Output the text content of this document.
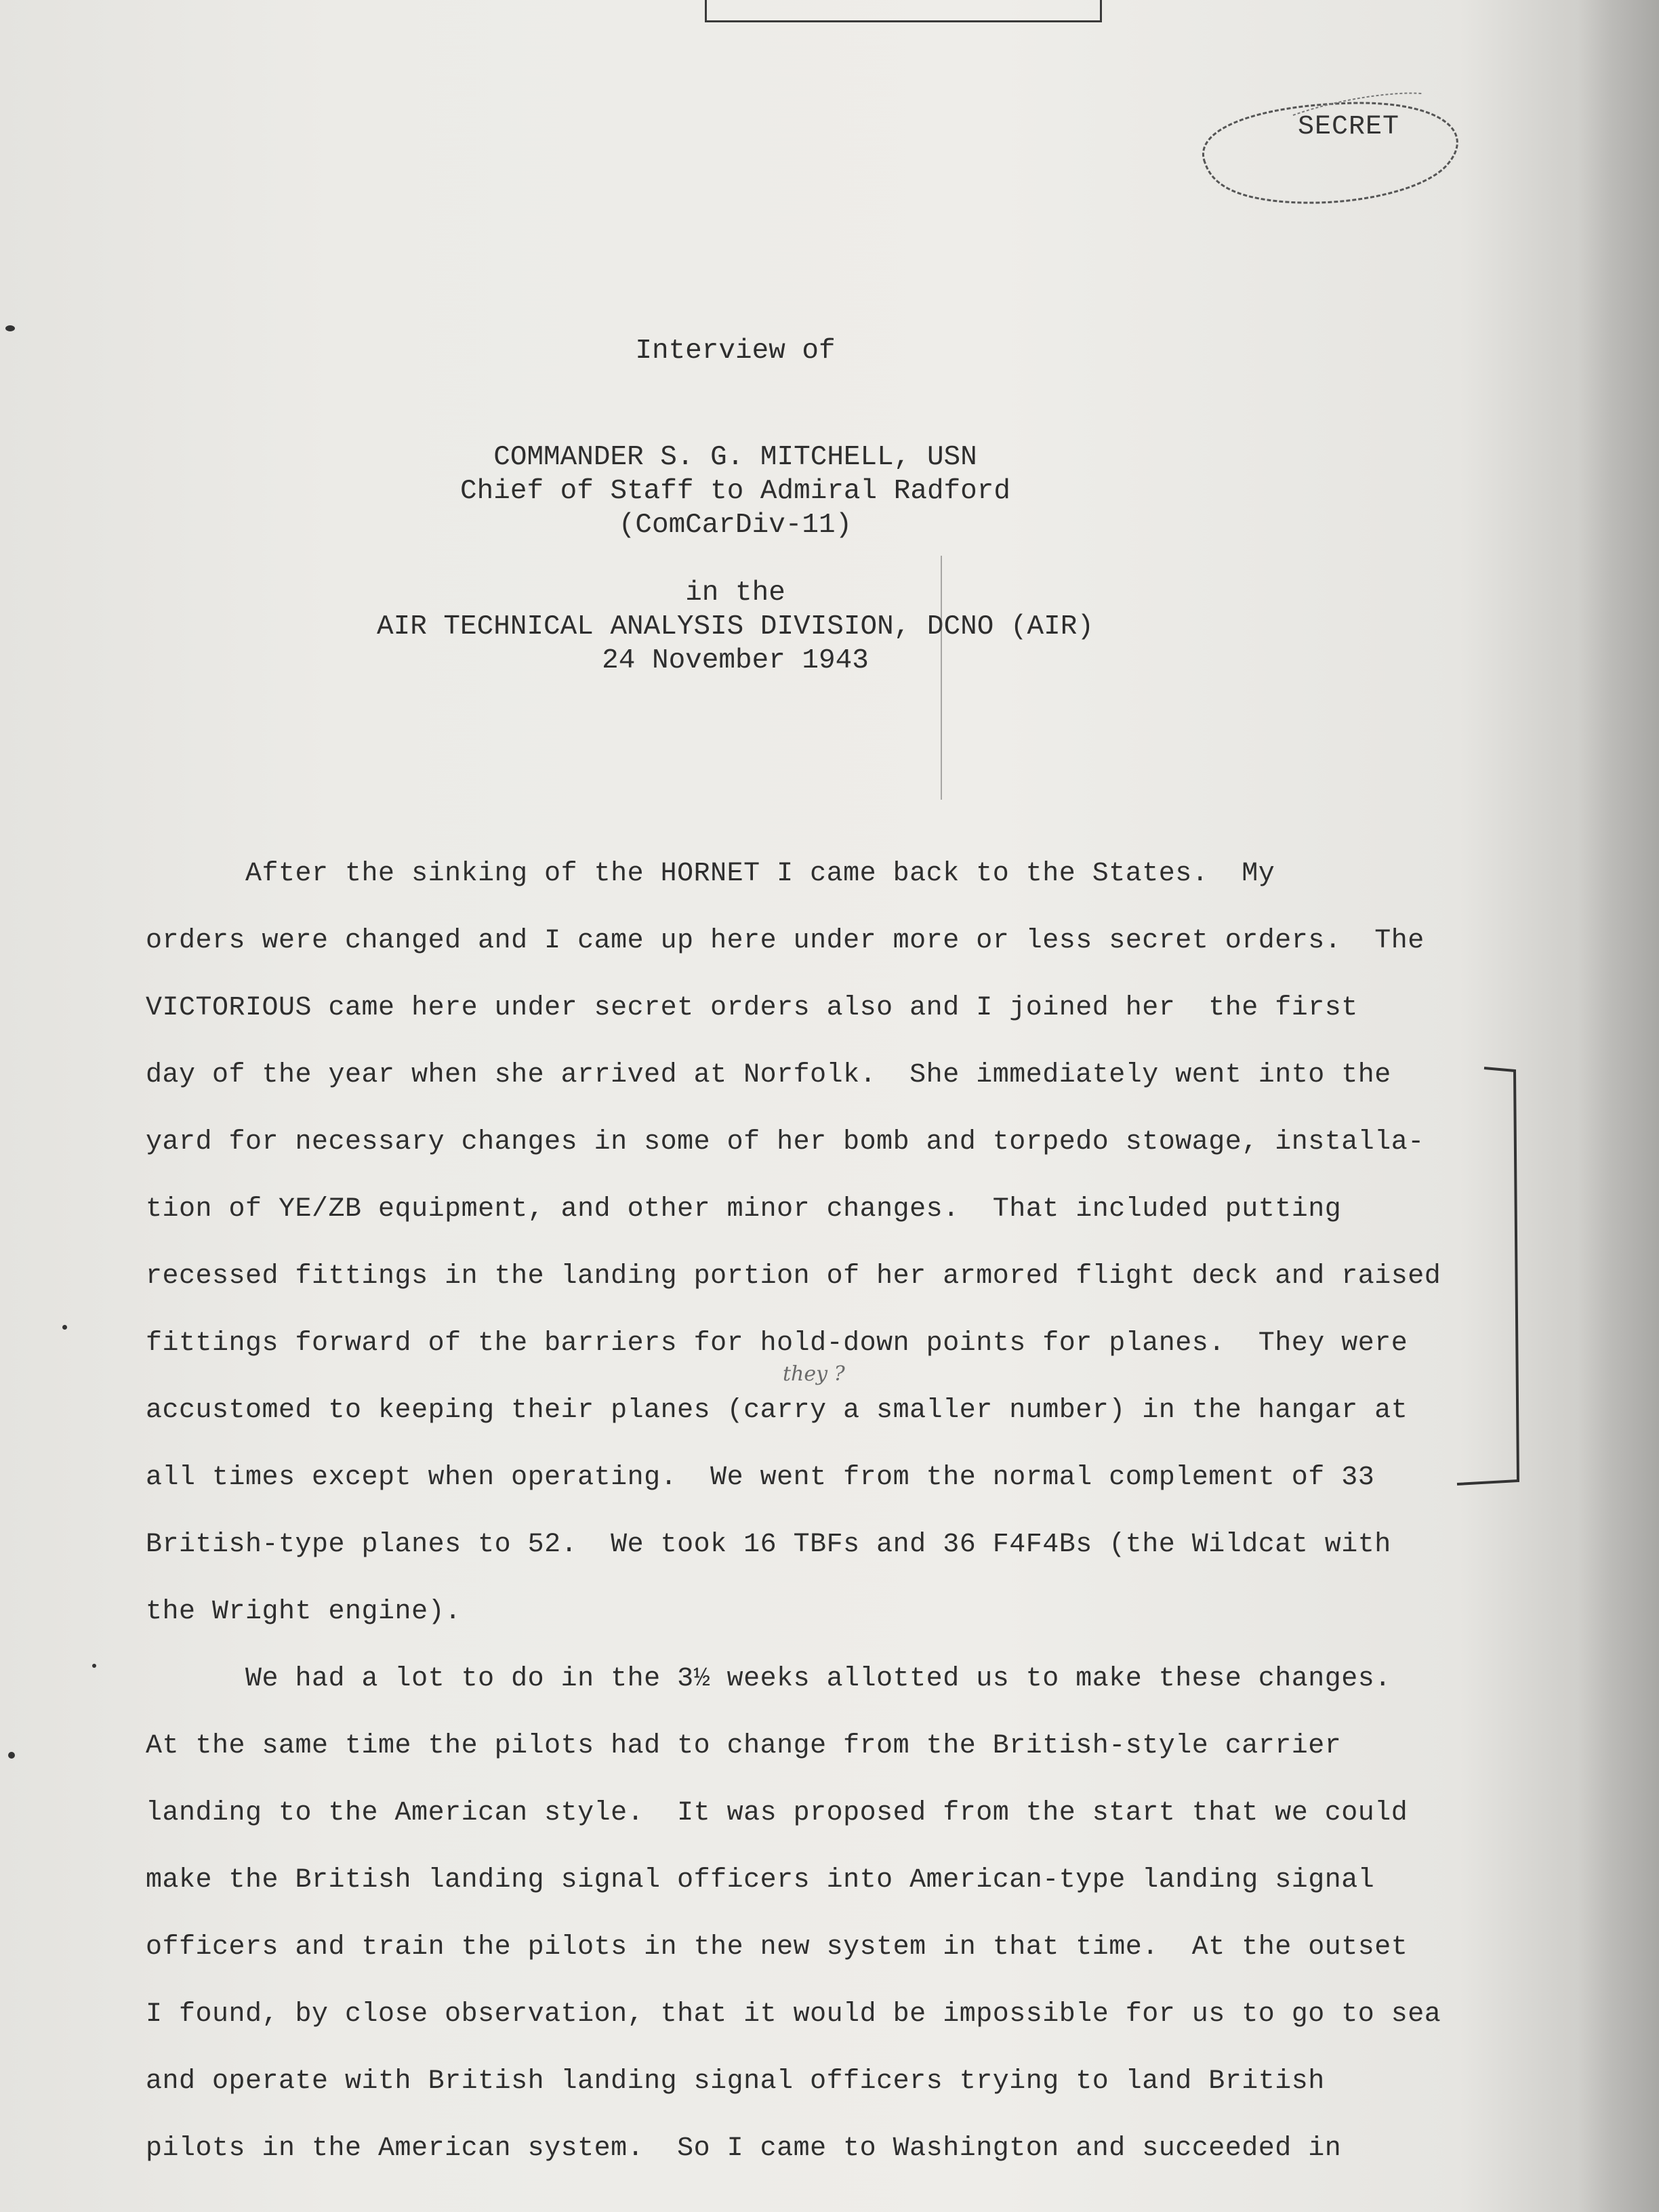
SECRET
Interview of
COMMANDER S. G. MITCHELL, USN
Chief of Staff to Admiral Radford
(ComCarDiv-11)
in the
AIR TECHNICAL ANALYSIS DIVISION, DCNO (AIR)
24 November 1943
After the sinking of the HORNET I came back to the States.  My
orders were changed and I came up here under more or less secret orders.  The
VICTORIOUS came here under secret orders also and I joined her  the first
day of the year when she arrived at Norfolk.  She immediately went into the
yard for necessary changes in some of her bomb and torpedo stowage, installa-
tion of YE/ZB equipment, and other minor changes.  That included putting
recessed fittings in the landing portion of her armored flight deck and raised
fittings forward of the barriers for hold-down points for planes.  They were
accustomed to keeping their planes (carry a smaller number) in the hangar at
all times except when operating.  We went from the normal complement of 33
British-type planes to 52.  We took 16 TBFs and 36 F4F4Bs (the Wildcat with
the Wright engine).
We had a lot to do in the 3½ weeks allotted us to make these changes.
At the same time the pilots had to change from the British-style carrier
landing to the American style.  It was proposed from the start that we could
make the British landing signal officers into American-type landing signal
officers and train the pilots in the new system in that time.  At the outset
I found, by close observation, that it would be impossible for us to go to sea
and operate with British landing signal officers trying to land British
pilots in the American system.  So I came to Washington and succeeded in
they ?
